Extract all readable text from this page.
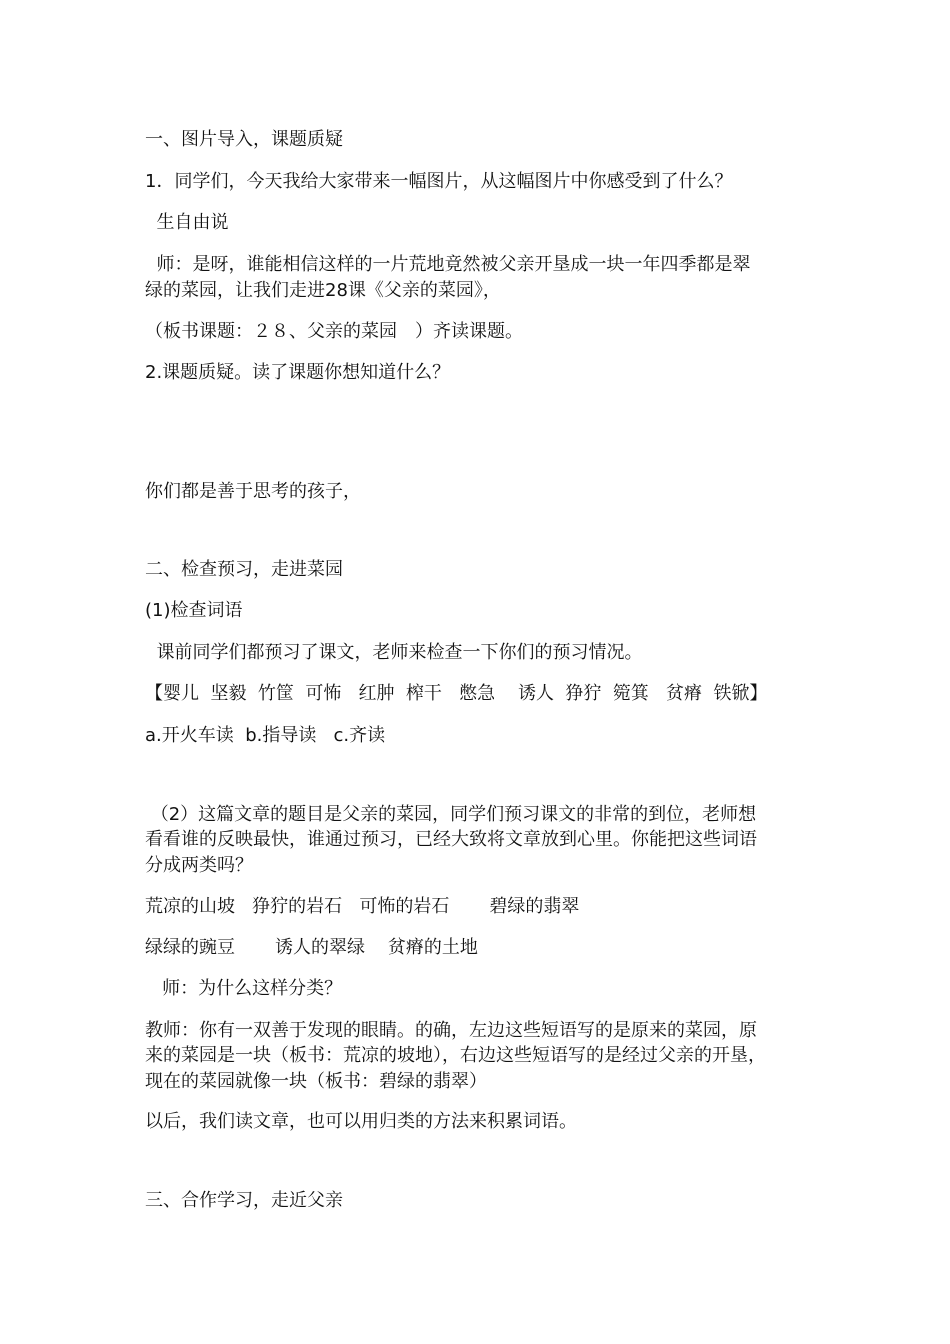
一、图片导入，课题质疑
1．同学们，今天我给大家带来一幅图片，从这幅图片中你感受到了什么？
生自由说
师：是呀，谁能相信这样的一片荒地竟然被父亲开垦成一块一年四季都是翠
绿的菜园，让我们走进28课《父亲的菜园》，
（板书课题：２８、父亲的菜园　）齐读课题。
2.课题质疑。读了课题你想知道什么？
你们都是善于思考的孩子，
二、检查预习，走进菜园
(1)检查词语
课前同学们都预习了课文，老师来检查一下你们的预习情况。
【婴儿  坚毅  竹筐  可怖   红肿  榨干   憋急    诱人  狰狞  箢箕   贫瘠  铁锨】
a.开火车读  b.指导读   c.齐读
（2）这篇文章的题目是父亲的菜园，同学们预习课文的非常的到位，老师想
看看谁的反映最快，谁通过预习，已经大致将文章放到心里。你能把这些词语
分成两类吗？
荒凉的山坡   狰狞的岩石   可怖的岩石       碧绿的翡翠
绿绿的豌豆       诱人的翠绿    贫瘠的土地
师：为什么这样分类？
教师：你有一双善于发现的眼睛。的确，左边这些短语写的是原来的菜园，原
来的菜园是一块（板书：荒凉的坡地），右边这些短语写的是经过父亲的开垦，
现在的菜园就像一块（板书：碧绿的翡翠）
以后，我们读文章，也可以用归类的方法来积累词语。
三、合作学习，走近父亲
